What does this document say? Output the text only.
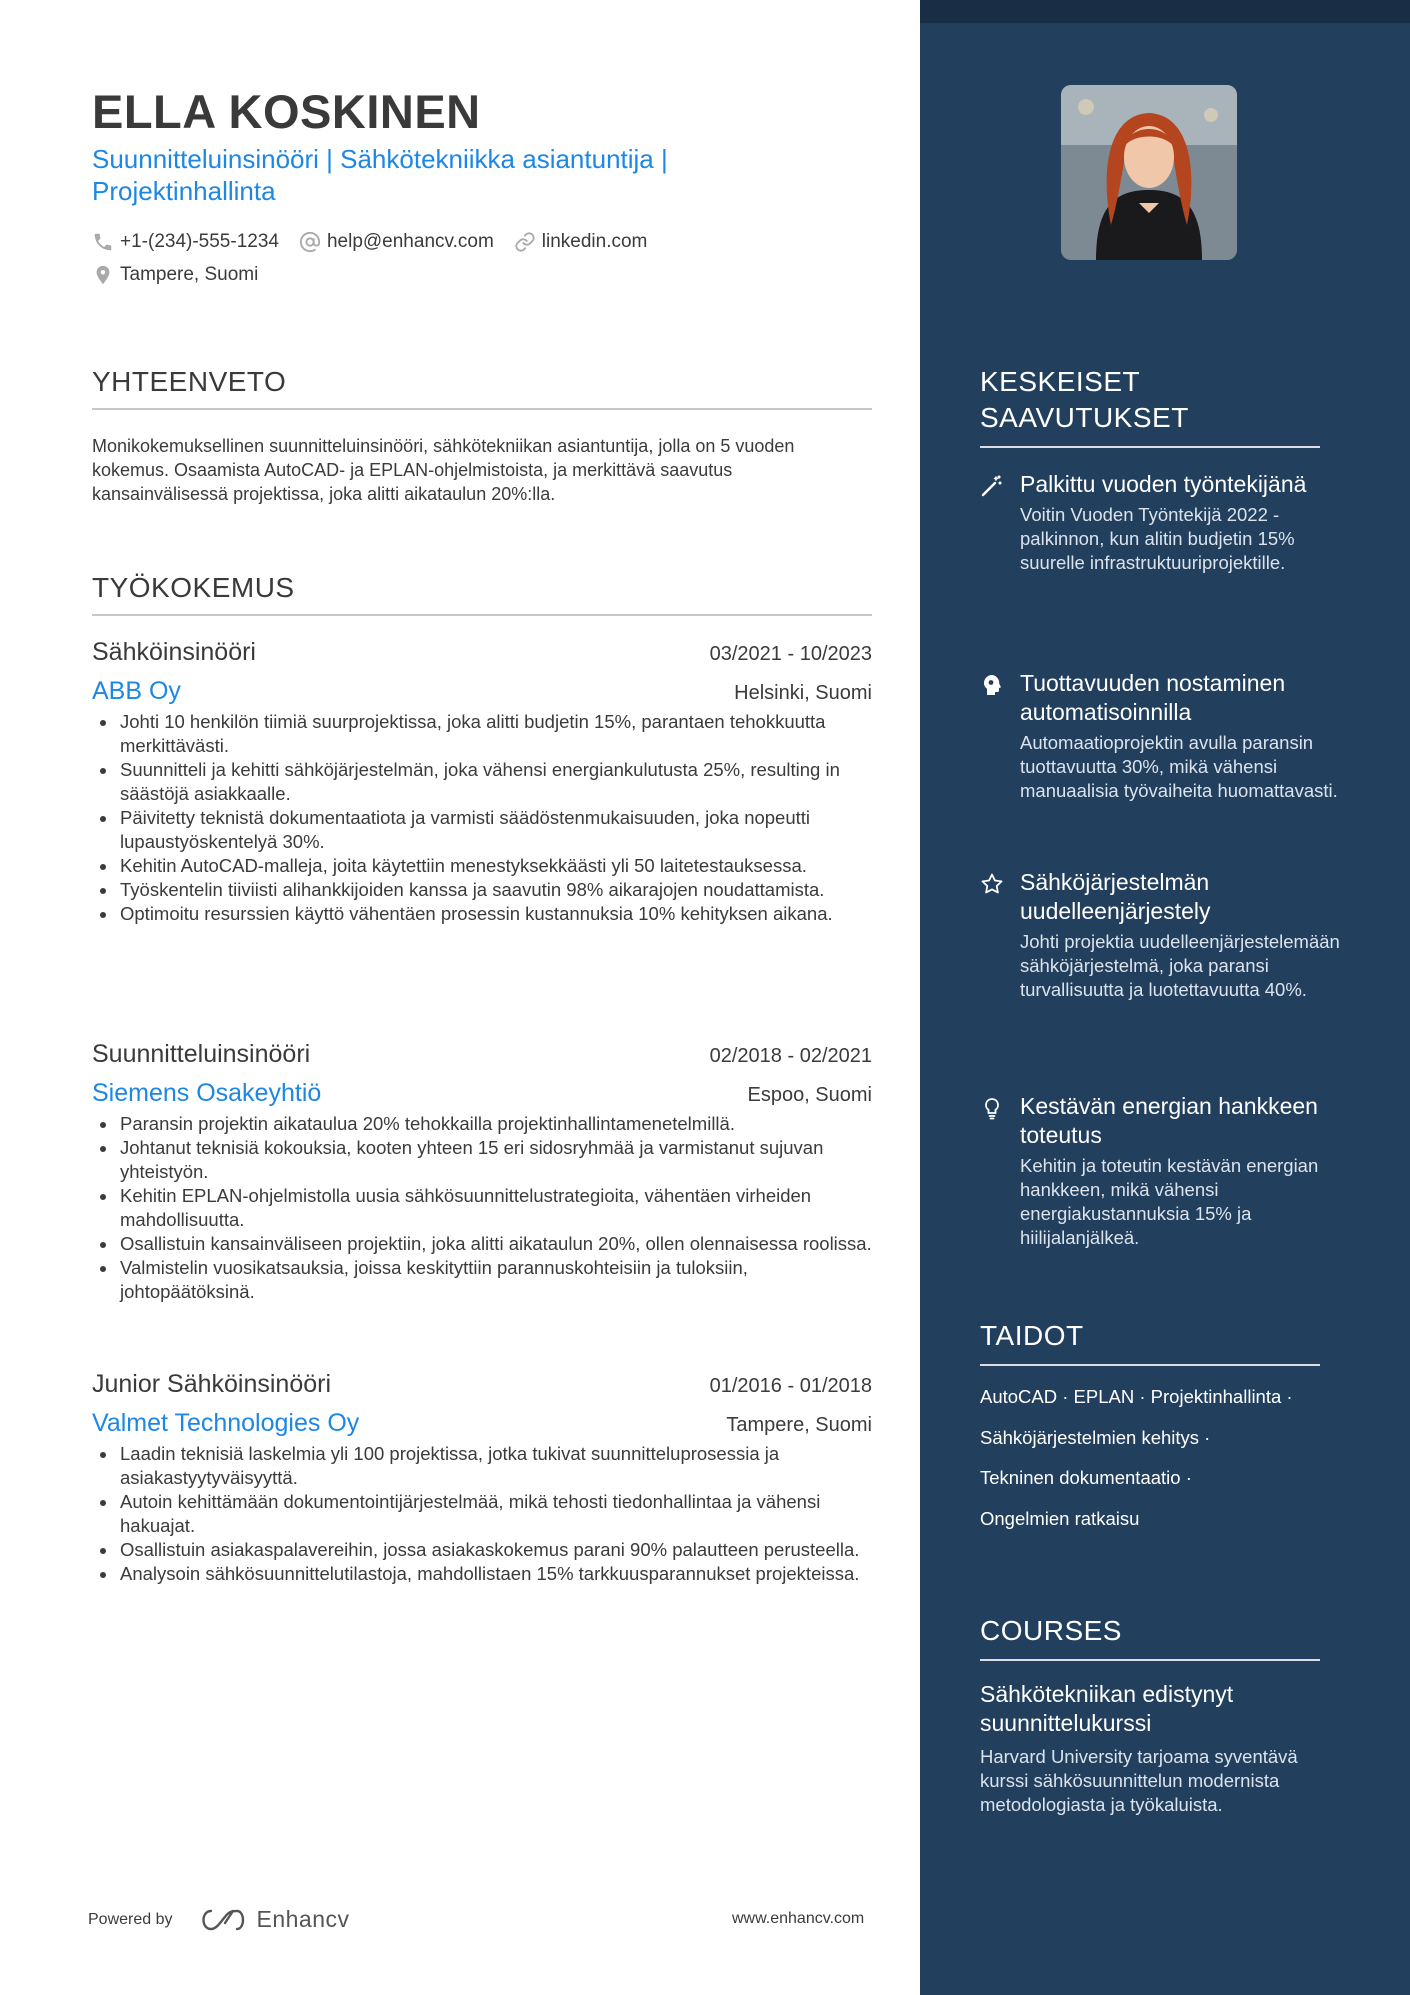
ELLA KOSKINEN
Suunnitteluinsinööri | Sähkötekniikka asiantuntija | Projektinhallinta
+1-(234)-555-1234	help@enhancv.com	linkedin.com
Tampere, Suomi
YHTEENVETO
Monikokemuksellinen suunnitteluinsinööri, sähkötekniikan asiantuntija, jolla on 5 vuoden kokemus. Osaamista AutoCAD- ja EPLAN-ohjelmistoista, ja merkittävä saavutus kansainvälisessä projektissa, joka alitti aikataulun 20%:lla.
TYÖKOKEMUS
Sähköinsinööri	03/2021 - 10/2023
ABB Oy	Helsinki, Suomi
Johti 10 henkilön tiimiä suurprojektissa, joka alitti budjetin 15%, parantaen tehokkuutta merkittävästi.
Suunnitteli ja kehitti sähköjärjestelmän, joka vähensi energiankulutusta 25%, resulting in säästöjä asiakkaalle.
Päivitetty teknistä dokumentaatiota ja varmisti säädöstenmukaisuuden, joka nopeutti lupaustyöskentelyä 30%.
Kehitin AutoCAD-malleja, joita käytettiin menestyksekkäästi yli 50 laitetestauksessa.
Työskentelin tiiviisti alihankkijoiden kanssa ja saavutin 98% aikarajojen noudattamista.
Optimoitu resurssien käyttö vähentäen prosessin kustannuksia 10% kehityksen aikana.
Suunnitteluinsinööri	02/2018 - 02/2021
Siemens Osakeyhtiö	Espoo, Suomi
Paransin projektin aikataulua 20% tehokkailla projektinhallintamenetelmillä.
Johtanut teknisiä kokouksia, kooten yhteen 15 eri sidosryhmää ja varmistanut sujuvan yhteistyön.
Kehitin EPLAN-ohjelmistolla uusia sähkösuunnittelustrategioita, vähentäen virheiden mahdollisuutta.
Osallistuin kansainväliseen projektiin, joka alitti aikataulun 20%, ollen olennaisessa roolissa.
Valmistelin vuosikatsauksia, joissa keskityttiin parannuskohteisiin ja tuloksiin, johtopäätöksinä.
Junior Sähköinsinööri	01/2016 - 01/2018
Valmet Technologies Oy	Tampere, Suomi
Laadin teknisiä laskelmia yli 100 projektissa, jotka tukivat suunnitteluprosessia ja asiakastyytyväisyyttä.
Autoin kehittämään dokumentointijärjestelmää, mikä tehosti tiedonhallintaa ja vähensi hakuajat.
Osallistuin asiakaspalavereihin, jossa asiakaskokemus parani 90% palautteen perusteella.
Analysoin sähkösuunnittelutilastoja, mahdollistaen 15% tarkkuusparannukset projekteissa.
Powered by	Enhancv	www.enhancv.com
KESKEISET SAAVUTUKSET
Palkittu vuoden työntekijänä
Voitin Vuoden Työntekijä 2022 -palkinnon, kun alitin budjetin 15% suurelle infrastruktuuriprojektille.
Tuottavuuden nostaminen automatisoinnilla
Automaatioprojektin avulla paransin tuottavuutta 30%, mikä vähensi manuaalisia työvaiheita huomattavasti.
Sähköjärjestelmän uudelleenjärjestely
Johti projektia uudelleenjärjestelemään sähköjärjestelmä, joka paransi turvallisuutta ja luotettavuutta 40%.
Kestävän energian hankkeen toteutus
Kehitin ja toteutin kestävän energian hankkeen, mikä vähensi energiakustannuksia 15% ja hiilijalanjälkeä.
TAIDOT
AutoCAD · EPLAN · Projektinhallinta ·
Sähköjärjestelmien kehitys ·
Tekninen dokumentaatio ·
Ongelmien ratkaisu
COURSES
Sähkötekniikan edistynyt suunnittelukurssi
Harvard University tarjoama syventävä kurssi sähkösuunnittelun modernista metodologiasta ja työkaluista.
